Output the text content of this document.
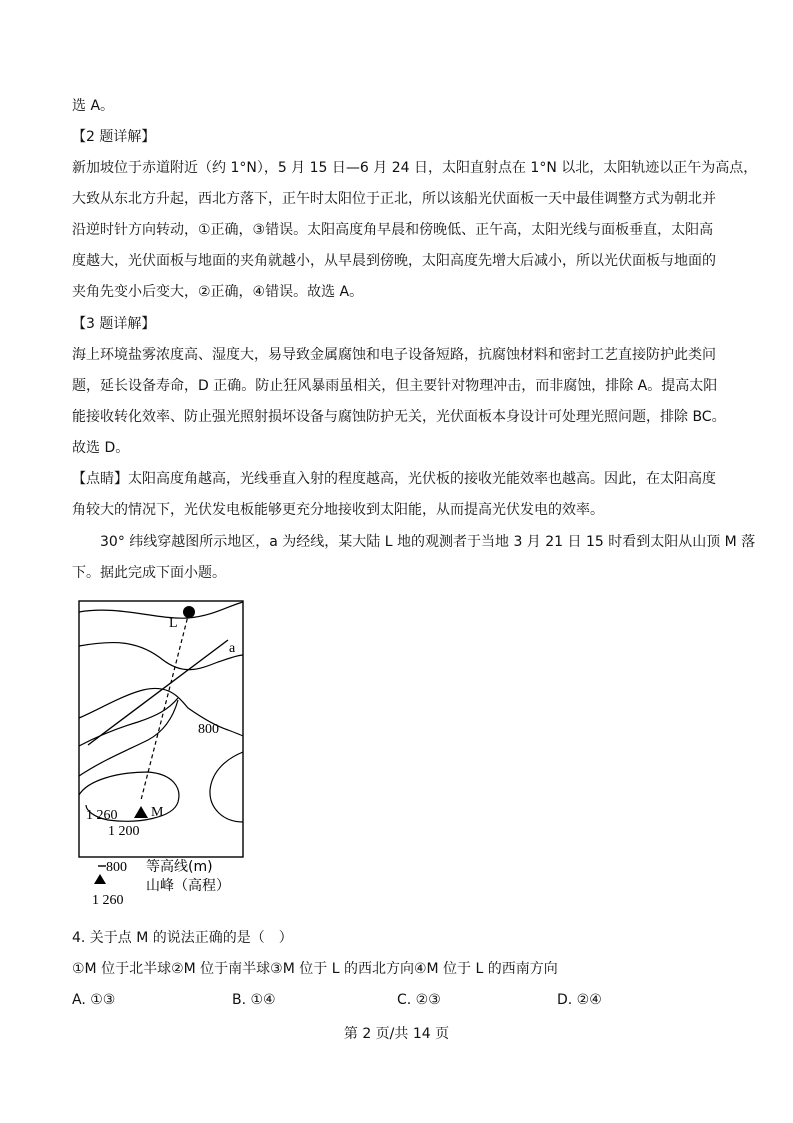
选 A。
【2 题详解】
新加坡位于赤道附近（约 1°N），5 月 15 日—6 月 24 日，太阳直射点在 1°N 以北，太阳轨迹以正午为高点，
大致从东北方升起，西北方落下，正午时太阳位于正北，所以该船光伏面板一天中最佳调整方式为朝北并
沿逆时针方向转动，①正确，③错误。太阳高度角早晨和傍晚低、正午高，太阳光线与面板垂直，太阳高
度越大，光伏面板与地面的夹角就越小，从早晨到傍晚，太阳高度先增大后减小，所以光伏面板与地面的
夹角先变小后变大，②正确，④错误。故选 A。
【3 题详解】
海上环境盐雾浓度高、湿度大，易导致金属腐蚀和电子设备短路，抗腐蚀材料和密封工艺直接防护此类问
题，延长设备寿命，D 正确。防止狂风暴雨虽相关，但主要针对物理冲击，而非腐蚀，排除 A。提高太阳
能接收转化效率、防止强光照射损坏设备与腐蚀防护无关，光伏面板本身设计可处理光照问题，排除 BC。
故选 D。
【点睛】太阳高度角越高，光线垂直入射的程度越高，光伏板的接收光能效率也越高。因此，在太阳高度
角较大的情况下，光伏发电板能够更充分地接收到太阳能，从而提高光伏发电的效率。
30° 纬线穿越图所示地区，a 为经线，某大陆 L 地的观测者于当地 3 月 21 日 15 时看到太阳从山顶 M 落
下。据此完成下面小题。
L
a
800
1 260 M
1 200
800 等高线(m)
山峰（高程）
1 260
4. 关于点 M 的说法正确的是（　）
①M 位于北半球②M 位于南半球③M 位于 L 的西北方向④M 位于 L 的西南方向
A. ①③	B. ①④	C. ②③	D. ②④
第 2 页/共 14 页
